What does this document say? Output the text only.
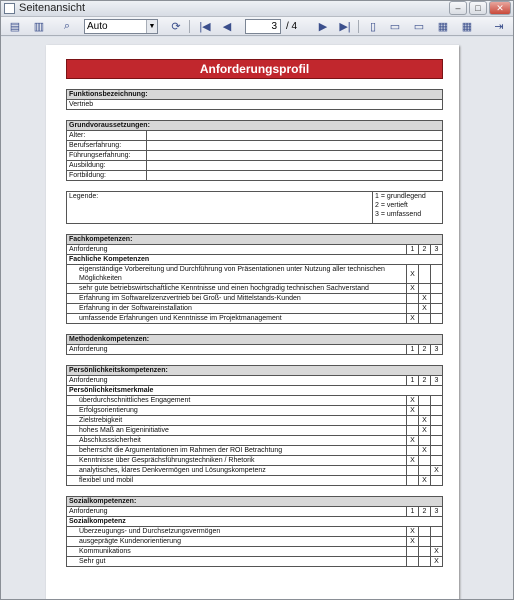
Seitenansicht	–	□	✕
▤ ▥	⌕	Auto	▼	⟳	|◀	◀	3 / 4	▶	▶|	▯	▭ ▭ ▦ ▦	⇥
Anforderungsprofil
Funktionsbezeichnung:
Vertrieb
Grundvoraussetzungen:	
Alter:	
Berufserfahrung:	
Führungserfahrung:	
Ausbildung:	
Fortbildung:	
Legende:	1 = grundlegend
2 = vertieft
3 = umfassend
Fachkompetenzen:			
Anforderung	1	2	3
Fachliche Kompetenzen			
eigenständige Vorbereitung und Durchführung von Präsentationen unter Nutzung aller technischen Möglichkeiten	X		
sehr gute betriebswirtschaftliche Kenntnisse und einen hochgradig technischen Sachverstand	X		
Erfahrung im Softwarelizenzvertrieb bei Groß- und Mittelstands-Kunden		X	
Erfahrung in der Softwareinstallation		X	
umfassende Erfahrungen und Kenntnisse im Projektmanagement	X		
Methodenkompetenzen:
Anforderung	1	2	3
Persönlichkeitskompetenzen:			
Anforderung	1	2	3
Persönlichkeitsmerkmale			
überdurchschnittliches Engagement	X		
Erfolgsorientierung	X		
Zielstrebigkeit		X	
hohes Maß an Eigeninitiative		X	
Abschlusssicherheit	X		
beherrscht die Argumentationen im Rahmen der ROI Betrachtung		X	
Kenntnisse über Gesprächsführungstechniken / Rhetorik	X		
analytisches, klares Denkvermögen und Lösungskompetenz			X
flexibel und mobil		X	
Sozialkompetenzen:			
Anforderung	1	2	3
Sozialkompetenz			
Überzeugungs- und Durchsetzungsvermögen	X		
ausgeprägte Kundenorientierung	X		
Kommunikations			X
Sehr gut			X
